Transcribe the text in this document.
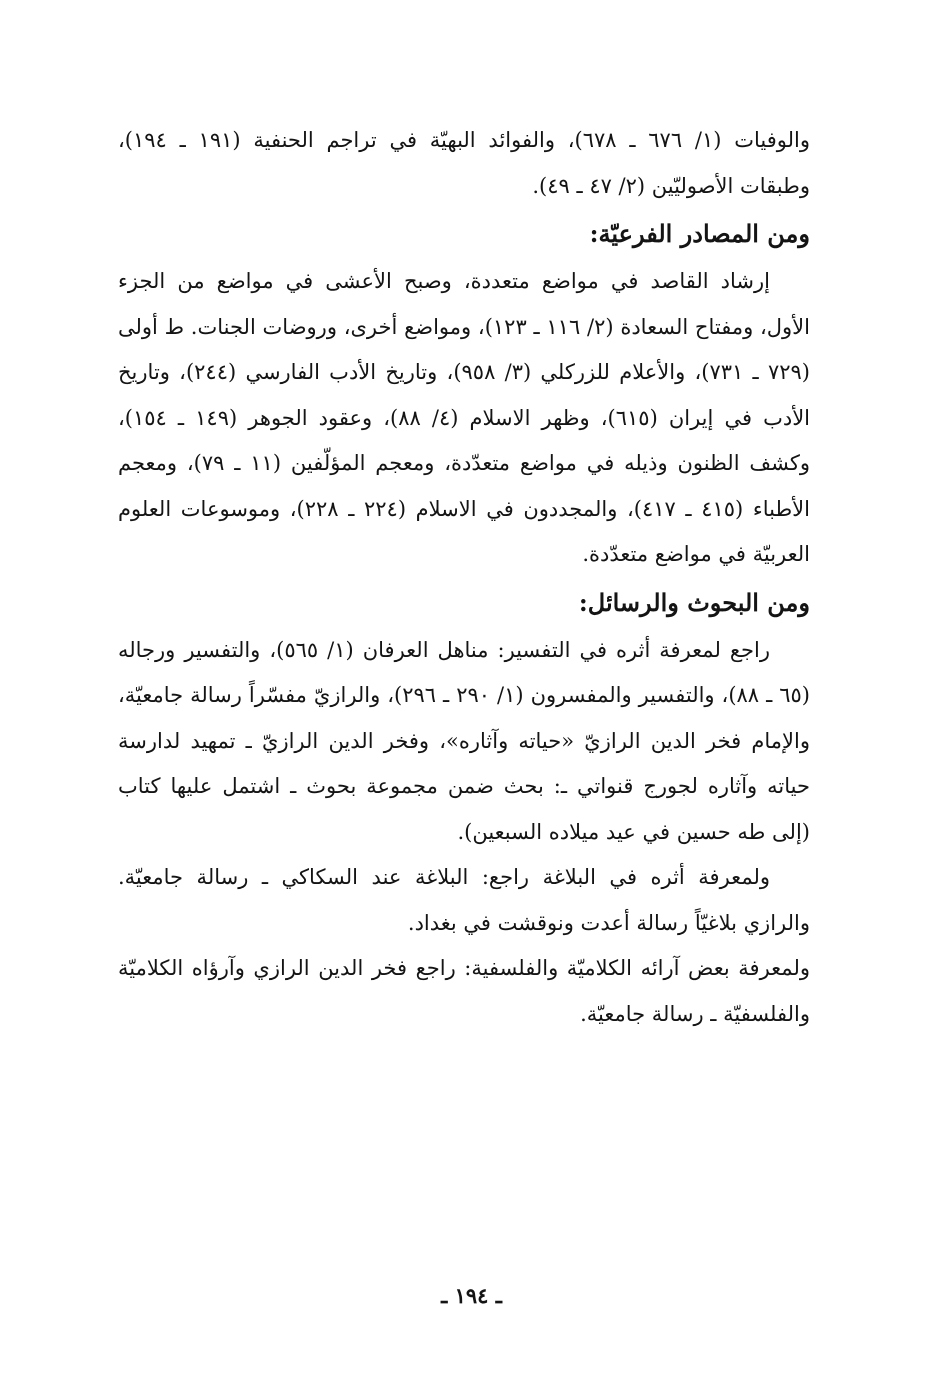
والوفيات (١/ ٦٧٦ ـ ٦٧٨)، والفوائد البهيّة في تراجم الحنفية (١٩١ ـ ١٩٤)، وطبقات الأصوليّين (٢/ ٤٧ ـ ٤٩).

ومن المصادر الفرعيّة:

إرشاد القاصد في مواضع متعددة، وصبح الأعشى في مواضع من الجزء الأول، ومفتاح السعادة (٢/ ١١٦ ـ ١٢٣)، ومواضع أخرى، وروضات الجنات. ط أولى (٧٢٩ ـ ٧٣١)، والأعلام للزركلي (٣/ ٩٥٨)، وتاريخ الأدب الفارسي (٢٤٤)، وتاريخ الأدب في إيران (٦١٥)، وظهر الاسلام (٤/ ٨٨)، وعقود الجوهر (١٤٩ ـ ١٥٤)، وكشف الظنون وذيله في مواضع متعدّدة، ومعجم المؤلّفين (١١ ـ ٧٩)، ومعجم الأطباء (٤١٥ ـ ٤١٧)، والمجددون في الاسلام (٢٢٤ ـ ٢٢٨)، وموسوعات العلوم العربيّة في مواضع متعدّدة.

ومن البحوث والرسائل:

راجع لمعرفة أثره في التفسير: مناهل العرفان (١/ ٥٦٥)، والتفسير ورجاله (٦٥ ـ ٨٨)، والتفسير والمفسرون (١/ ٢٩٠ ـ ٢٩٦)، والرازيّ مفسّراً رسالة جامعيّة، والإمام فخر الدين الرازيّ «حياته وآثاره»، وفخر الدين الرازيّ ـ تمهيد لدارسة حياته وآثاره لجورج قنواتي ـ: بحث ضمن مجموعة بحوث ـ اشتمل عليها كتاب (إلى طه حسين في عيد ميلاده السبعين).

ولمعرفة أثره في البلاغة راجع: البلاغة عند السكاكي ـ رسالة جامعيّة. والرازي بلاغيّاً رسالة أعدت ونوقشت في بغداد.

ولمعرفة بعض آرائه الكلاميّة والفلسفية: راجع فخر الدين الرازي وآرؤاه الكلاميّة والفلسفيّة ـ رسالة جامعيّة.

ـ ١٩٤ ـ
